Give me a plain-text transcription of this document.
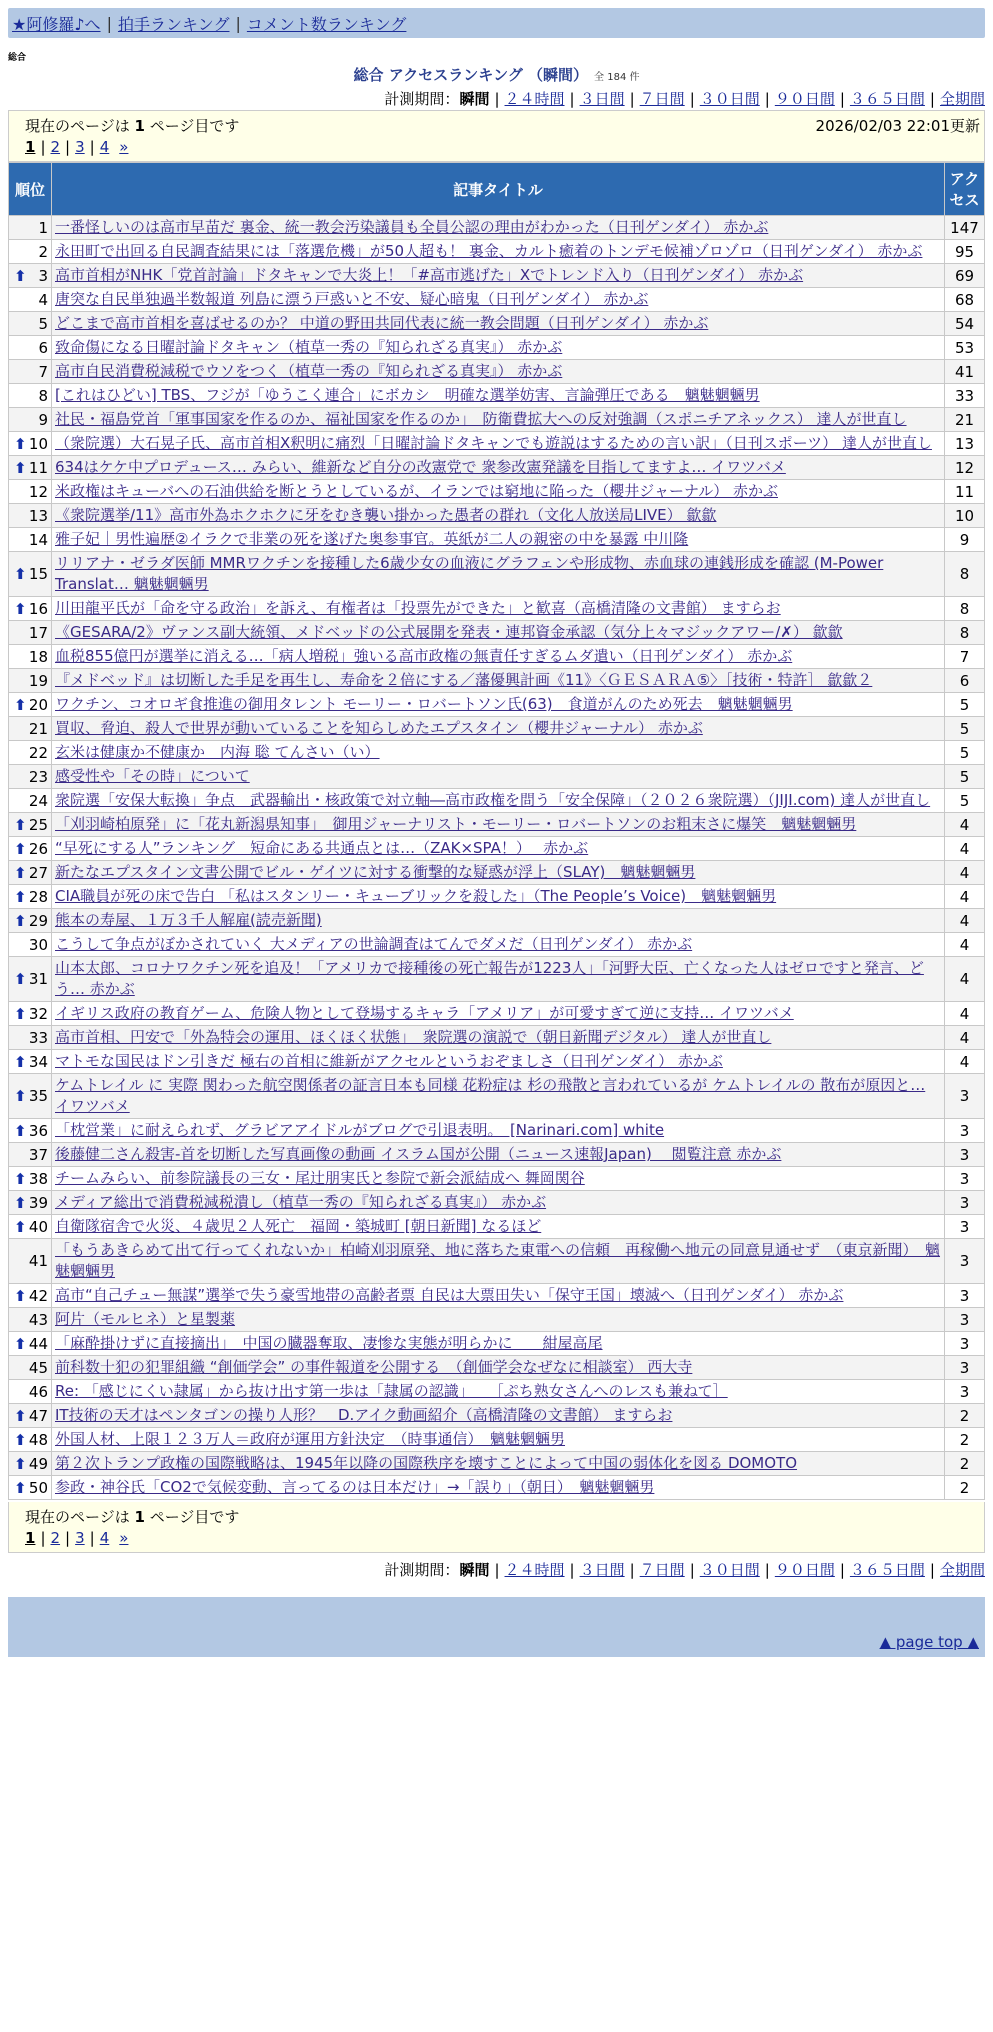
★阿修羅♪へ | 拍手ランキング | コメント数ランキング
総合
総合 アクセスランキング （瞬間） 全 184 件
計測期間：瞬間 | ２４時間 | ３日間 | ７日間 | ３０日間 | ９０日間 | ３６５日間 | 全期間
現在のページは 1 ページ目です	2026/02/03 22:01更新
1 | 2 | 3 | 4 »
順位	記事タイトル	アクセス
1	一番怪しいのは高市早苗だ 裏金、統一教会汚染議員も全員公認の理由がわかった（日刊ゲンダイ） 赤かぶ	147
2	永田町で出回る自民調査結果には「落選危機」が50人超も！ 裏金、カルト癒着のトンデモ候補ゾロゾロ（日刊ゲンダイ） 赤かぶ	95

⬆ 3	高市首相がNHK「党首討論」ドタキャンで大炎上！「#高市逃げた」Xでトレンド入り（日刊ゲンダイ） 赤かぶ	69
4	唐突な自民単独過半数報道 列島に漂う戸惑いと不安、疑心暗鬼（日刊ゲンダイ） 赤かぶ	68
5	どこまで高市首相を喜ばせるのか？ 中道の野田共同代表に統一教会問題（日刊ゲンダイ） 赤かぶ	54
6	致命傷になる日曜討論ドタキャン（植草一秀の『知られざる真実』） 赤かぶ	53
7	高市自民消費税減税でウソをつく（植草一秀の『知られざる真実』） 赤かぶ	41
8	[これはひどい] TBS、フジが「ゆうこく連合」にボカシ　明確な選挙妨害、言論弾圧である　魑魅魍魎男	33
9	社民・福島党首「軍事国家を作るのか、福祉国家を作るのか」　防衛費拡大への反対強調（スポニチアネックス） 達人が世直し	21

⬆ 10	（衆院選）大石晃子氏、高市首相X釈明に痛烈「日曜討論ドタキャンでも遊説はするための言い訳」（日刊スポーツ） 達人が世直し	13

⬆ 11	634はケケ中プロデュース… みらい、維新など自分の改憲党で 衆参改憲発議を目指してますよ… イワツバメ	12
12	米政権はキューバへの石油供給を断とうとしているが、イランでは窮地に陥った（櫻井ジャーナル） 赤かぶ	11
13	《衆院選挙/11》高市外為ホクホクに牙をむき襲い掛かった愚者の群れ（文化人放送局LIVE） 歙歙	10
14	雅子妃｜男性遍歴②イラクで非業の死を遂げた奥参事官。英紙が二人の親密の中を暴露 中川隆	9

⬆ 15	リリアナ・ゼラダ医師 MMRワクチンを接種した6歳少女の血液にグラフェンや形成物、赤血球の連銭形成を確認 (M-Power Translat… 魑魅魍魎男	8

⬆ 16	川田龍平氏が「命を守る政治」を訴え、有権者は「投票先ができた」と歓喜（高橋清隆の文書館） ますらお	8
17	《GESARA/2》ヴァンス副大統領、メドベッドの公式展開を発表・連邦資金承認（気分上々マジックアワー/✗） 歙歙	8
18	血税855億円が選挙に消える…「病人増税」強いる高市政権の無責任すぎるムダ遣い（日刊ゲンダイ） 赤かぶ	7
19	『メドベッド』は切断した手足を再生し、寿命を２倍にする／藩優興計画《11》〈ＧＥＳＡＲＡ⑤〉［技術・特許］ 歙歙２	6

⬆ 20	ワクチン、コオロギ食推進の御用タレント モーリー・ロバートソン氏(63)　食道がんのため死去　魑魅魍魎男	5
21	買収、脅迫、殺人で世界が動いていることを知らしめたエプスタイン（櫻井ジャーナル） 赤かぶ	5
22	玄米は健康か不健康か　内海 聡 てんさい（い）	5
23	感受性や「その時」について	5
24	衆院選「安保大転換」争点　武器輸出・核政策で対立軸―高市政権を問う「安全保障」（２０２６衆院選）（JIJI.com) 達人が世直し	5

⬆ 25	「刈羽崎柏原発」に「花丸新潟県知事」　御用ジャーナリスト・モーリー・ロバートソンのお粗末さに爆笑　魑魅魍魎男	4

⬆ 26	“早死にする人”ランキング　短命にある共通点とは…（ZAK×SPA！）　 赤かぶ	4

⬆ 27	新たなエプスタイン文書公開でビル・ゲイツに対する衝撃的な疑惑が浮上（SLAY)　魑魅魍魎男	4

⬆ 28	CIA職員が死の床で告白 「私はスタンリー・キューブリックを殺した」（The People’s Voice)　魑魅魍魎男	4

⬆ 29	熊本の寿屋、１万３千人解雇(読売新聞)	4
30	こうして争点がぼかされていく 大メディアの世論調査はてんでダメだ（日刊ゲンダイ） 赤かぶ	4

⬆ 31	山本太郎、コロナワクチン死を追及！「アメリカで接種後の死亡報告が1223人」「河野大臣、亡くなった人はゼロですと発言、どう… 赤かぶ	4

⬆ 32	イギリス政府の教育ゲーム、危険人物として登場するキャラ「アメリア」が可愛すぎて逆に支持… イワツバメ	4
33	高市首相、円安で「外為特会の運用、ほくほく状態」　衆院選の演説で（朝日新聞デジタル） 達人が世直し	4

⬆ 34	マトモな国民はドン引きだ 極右の首相に維新がアクセルというおぞましさ（日刊ゲンダイ） 赤かぶ	4

⬆ 35	ケムトレイル に 実際 関わった航空関係者の証言日本も同様 花粉症は 杉の飛散と言われているが ケムトレイルの 散布が原因と… イワツバメ	3

⬆ 36	「枕営業」に耐えられず、グラビアアイドルがブログで引退表明。　[Narinari.com] white	3
37	後藤健二さん殺害-首を切断した写真画像の動画 イスラム国が公開（ニュース速報Japan)　 閲覧注意 赤かぶ	3

⬆ 38	チームみらい、前参院議長の三女・尾辻朋実氏と参院で新会派結成へ 舞岡関谷	3

⬆ 39	メディア総出で消費税減税潰し（植草一秀の『知られざる真実』） 赤かぶ	3

⬆ 40	自衛隊宿舎で火災、４歳児２人死亡　福岡・築城町 [朝日新聞] なるほど	3
41	「もうあきらめて出て行ってくれないか」柏崎刈羽原発、地に落ちた東電への信頼　再稼働へ地元の同意見通せず　（東京新聞）　魑魅魍魎男	3

⬆ 42	高市“自己チュー無謀”選挙で失う豪雪地帯の高齢者票 自民は大票田失い「保守王国」壊滅へ（日刊ゲンダイ） 赤かぶ	3
43	阿片（モルヒネ）と星製薬	3

⬆ 44	「麻酔掛けずに直接摘出」　中国の臓器奪取、凄惨な実態が明らかに　　紺屋高尾	3
45	前科数十犯の犯罪組織 “創価学会” の事件報道を公開する　（創価学会なぜなに相談室） 西大寺	3
46	Re: 「感じにくい隷属」から抜け出す第一歩は「隷属の認識」　　［ぷち熟女さんへのレスも兼ねて］	3

⬆ 47	IT技術の天才はペンタゴンの操り人形？　D.アイク動画紹介（高橋清隆の文書館） ますらお	2

⬆ 48	外国人材、上限１２３万人＝政府が運用方針決定　（時事通信）　魑魅魍魎男	2

⬆ 49	第２次トランプ政権の国際戦略は、1945年以降の国際秩序を壊すことによって中国の弱体化を図る DOMOTO	2

⬆ 50	参政・神谷氏「CO2で気候変動、言ってるのは日本だけ」→「誤り」（朝日）　魑魅魍魎男	2
現在のページは 1 ページ目です
1 | 2 | 3 | 4 »
計測期間：瞬間 | ２４時間 | ３日間 | ７日間 | ３０日間 | ９０日間 | ３６５日間 | 全期間
▲ page top ▲
